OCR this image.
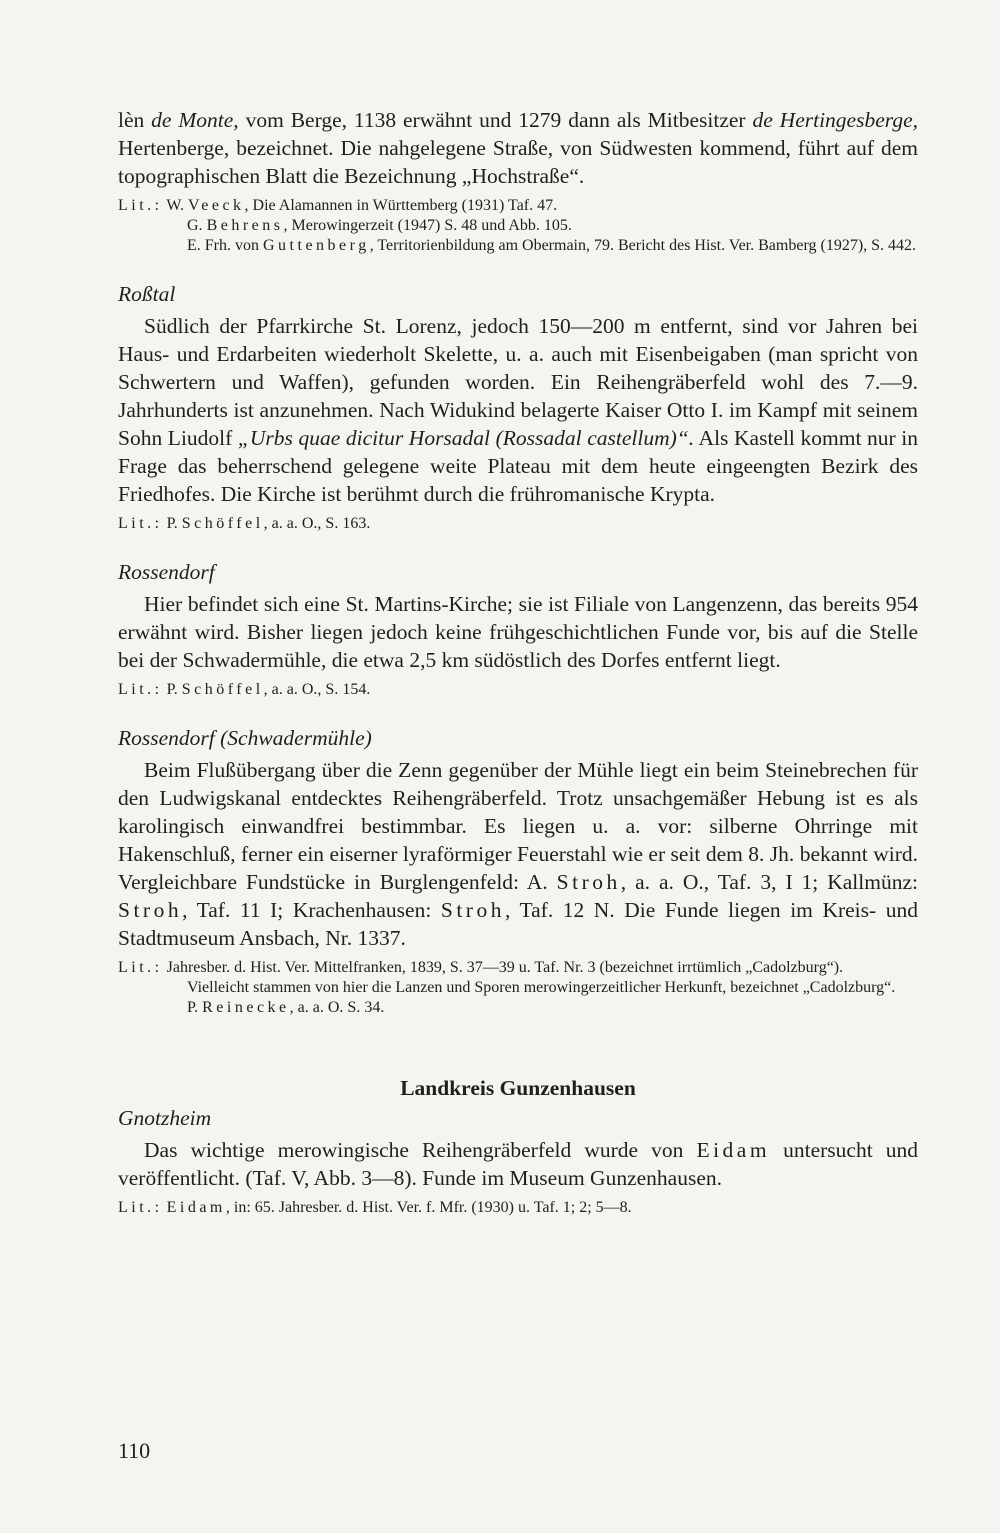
lèn de Monte, vom Berge, 1138 erwähnt und 1279 dann als Mitbesitzer de Hertingesberge, Hertenberge, bezeichnet. Die nahgelegene Straße, von Südwesten kommend, führt auf dem topographischen Blatt die Bezeichnung „Hochstraße“.

Lit.: W. Veeck, Die Alamannen in Württemberg (1931) Taf. 47.
G. Behrens, Merowingerzeit (1947) S. 48 und Abb. 105.
E. Frh. von Guttenberg, Territorienbildung am Obermain, 79. Bericht des Hist. Ver. Bamberg (1927), S. 442.
Roßtal

Südlich der Pfarrkirche St. Lorenz, jedoch 150—200 m entfernt, sind vor Jahren bei Haus- und Erdarbeiten wiederholt Skelette, u. a. auch mit Eisenbeigaben (man spricht von Schwertern und Waffen), gefunden worden. Ein Reihengräberfeld wohl des 7.—9. Jahrhunderts ist anzunehmen. Nach Widukind belagerte Kaiser Otto I. im Kampf mit seinem Sohn Liudolf „Urbs quae dicitur Horsadal (Rossadal castellum)“. Als Kastell kommt nur in Frage das beherrschend gelegene weite Plateau mit dem heute eingeengten Bezirk des Friedhofes. Die Kirche ist berühmt durch die frühromanische Krypta.

Lit.: P. Schöffel, a. a. O., S. 163.
Rossendorf

Hier befindet sich eine St. Martins-Kirche; sie ist Filiale von Langenzenn, das bereits 954 erwähnt wird. Bisher liegen jedoch keine frühgeschichtlichen Funde vor, bis auf die Stelle bei der Schwadermühle, die etwa 2,5 km südöstlich des Dorfes entfernt liegt.

Lit.: P. Schöffel, a. a. O., S. 154.
Rossendorf (Schwadermühle)

Beim Flußübergang über die Zenn gegenüber der Mühle liegt ein beim Steinebrechen für den Ludwigskanal entdecktes Reihengräberfeld. Trotz unsachgemäßer Hebung ist es als karolingisch einwandfrei bestimmbar. Es liegen u. a. vor: silberne Ohrringe mit Hakenschluß, ferner ein eiserner lyraförmiger Feuerstahl wie er seit dem 8. Jh. bekannt wird. Vergleichbare Fundstücke in Burglengenfeld: A. Stroh, a. a. O., Taf. 3, I 1; Kallmünz: Stroh, Taf. 11 I; Krachenhausen: Stroh, Taf. 12 N. Die Funde liegen im Kreis- und Stadtmuseum Ansbach, Nr. 1337.

Lit.: Jahresber. d. Hist. Ver. Mittelfranken, 1839, S. 37—39 u. Taf. Nr. 3 (bezeichnet irrtümlich „Cadolzburg“).
Vielleicht stammen von hier die Lanzen und Sporen merowingerzeitlicher Herkunft, bezeichnet „Cadolzburg“.
P. Reinecke, a. a. O. S. 34.
Landkreis Gunzenhausen
Gnotzheim

Das wichtige merowingische Reihengräberfeld wurde von Eidam untersucht und veröffentlicht. (Taf. V, Abb. 3—8). Funde im Museum Gunzenhausen.

Lit.: Eidam, in: 65. Jahresber. d. Hist. Ver. f. Mfr. (1930) u. Taf. 1; 2; 5—8.
110
